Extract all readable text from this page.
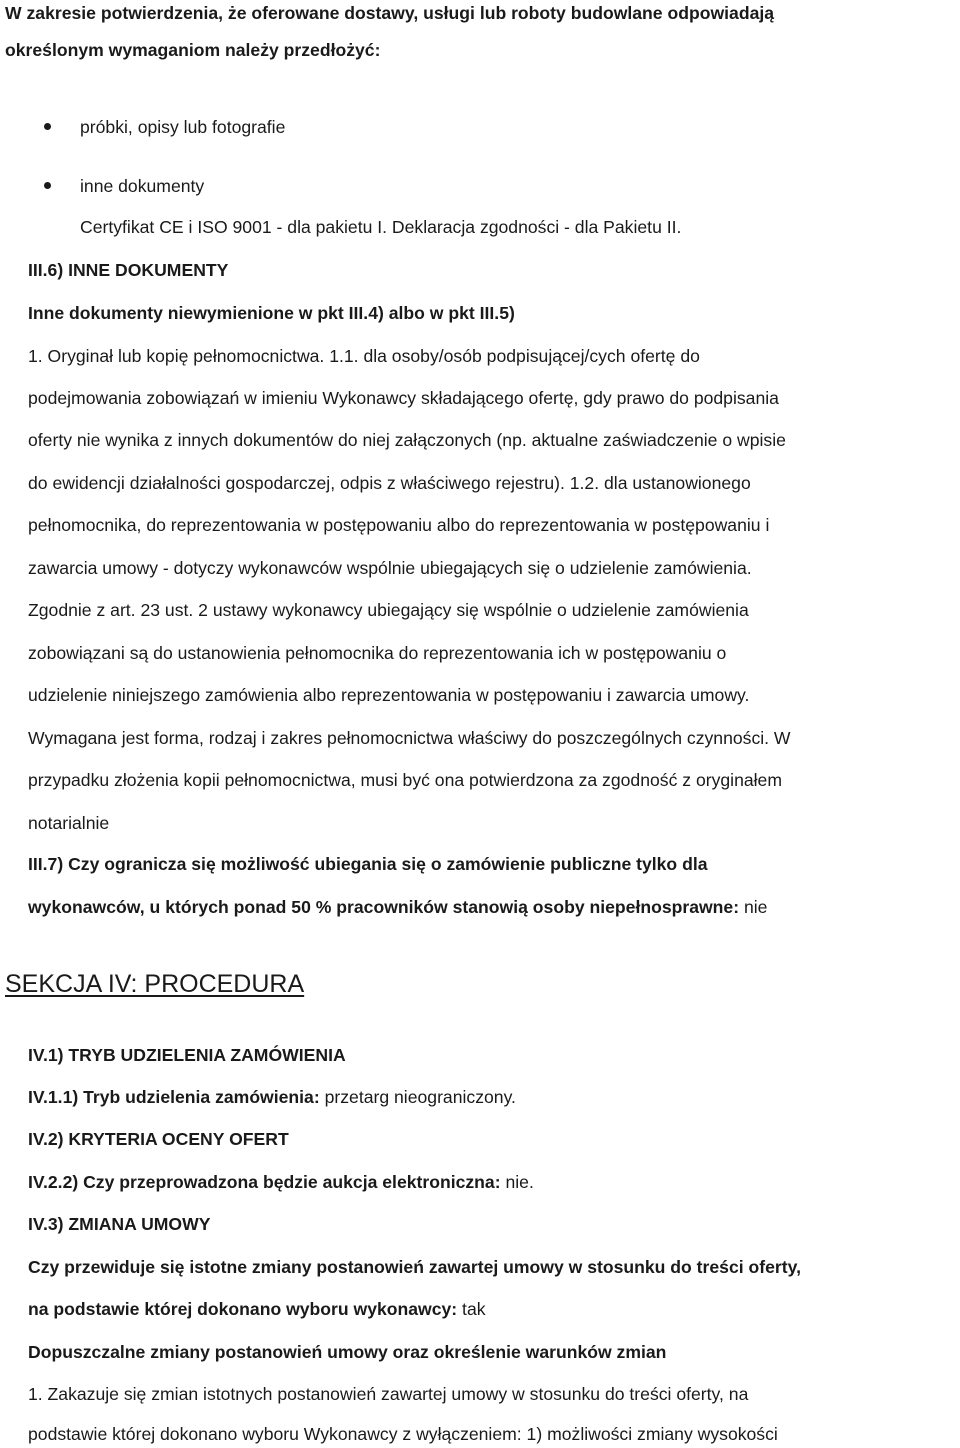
W zakresie potwierdzenia, że oferowane dostawy, usługi lub roboty budowlane odpowiadają
określonym wymaganiom należy przedłożyć:
próbki, opisy lub fotografie
inne dokumenty
Certyfikat CE i ISO 9001 - dla pakietu I. Deklaracja zgodności - dla Pakietu II.
III.6) INNE DOKUMENTY
Inne dokumenty niewymienione w pkt III.4) albo w pkt III.5)
1. Oryginał lub kopię pełnomocnictwa. 1.1. dla osoby/osób podpisującej/cych ofertę do
podejmowania zobowiązań w imieniu Wykonawcy składającego ofertę, gdy prawo do podpisania
oferty nie wynika z innych dokumentów do niej załączonych (np. aktualne zaświadczenie o wpisie
do ewidencji działalności gospodarczej, odpis z właściwego rejestru). 1.2. dla ustanowionego
pełnomocnika, do reprezentowania w postępowaniu albo do reprezentowania w postępowaniu i
zawarcia umowy - dotyczy wykonawców wspólnie ubiegających się o udzielenie zamówienia.
Zgodnie z art. 23 ust. 2 ustawy wykonawcy ubiegający się wspólnie o udzielenie zamówienia
zobowiązani są do ustanowienia pełnomocnika do reprezentowania ich w postępowaniu o
udzielenie niniejszego zamówienia albo reprezentowania w postępowaniu i zawarcia umowy.
Wymagana jest forma, rodzaj i zakres pełnomocnictwa właściwy do poszczególnych czynności. W
przypadku złożenia kopii pełnomocnictwa, musi być ona potwierdzona za zgodność z oryginałem
notarialnie
III.7) Czy ogranicza się możliwość ubiegania się o zamówienie publiczne tylko dla
wykonawców, u których ponad 50 % pracowników stanowią osoby niepełnosprawne: nie
SEKCJA IV: PROCEDURA
IV.1) TRYB UDZIELENIA ZAMÓWIENIA
IV.1.1) Tryb udzielenia zamówienia: przetarg nieograniczony.
IV.2) KRYTERIA OCENY OFERT
IV.2.2) Czy przeprowadzona będzie aukcja elektroniczna: nie.
IV.3) ZMIANA UMOWY
Czy przewiduje się istotne zmiany postanowień zawartej umowy w stosunku do treści oferty,
na podstawie której dokonano wyboru wykonawcy: tak
Dopuszczalne zmiany postanowień umowy oraz określenie warunków zmian
1. Zakazuje się zmian istotnych postanowień zawartej umowy w stosunku do treści oferty, na
podstawie której dokonano wyboru Wykonawcy z wyłączeniem: 1) możliwości zmiany wysokości
